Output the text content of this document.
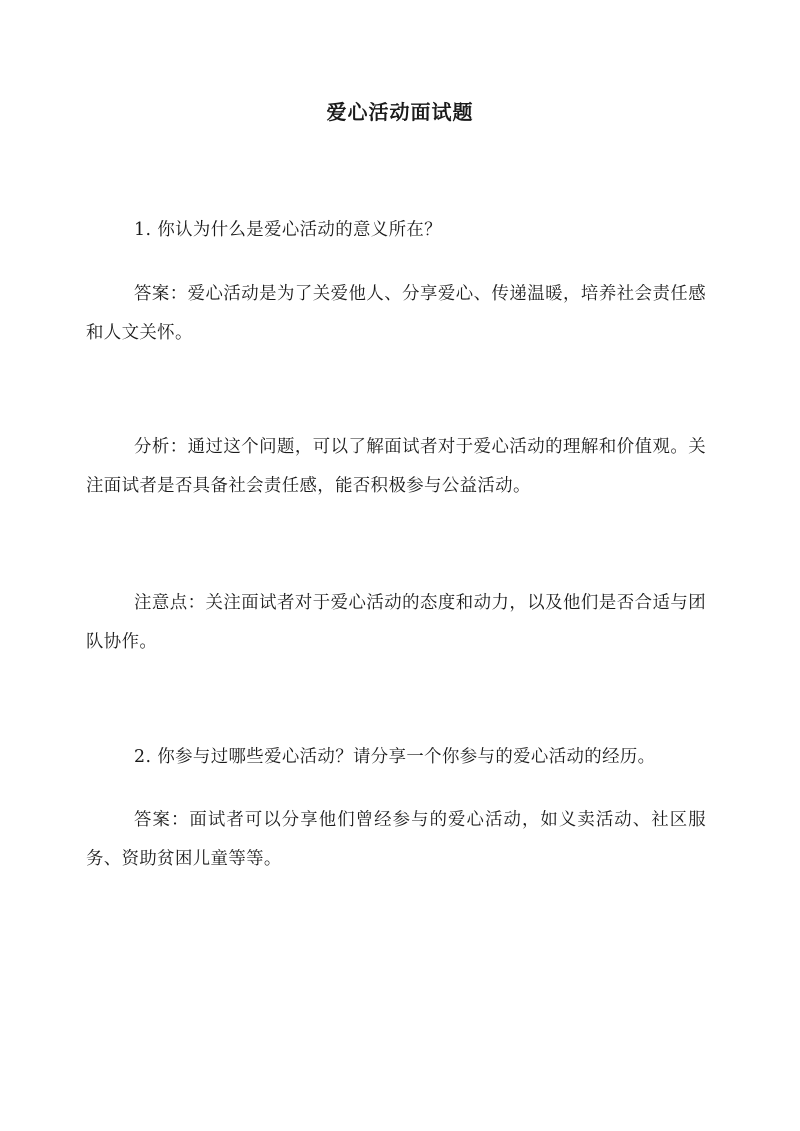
爱心活动面试题
1. 你认为什么是爱心活动的意义所在？
答案：爱心活动是为了关爱他人、分享爱心、传递温暖，培养社会责任感和人文关怀。
分析：通过这个问题，可以了解面试者对于爱心活动的理解和价值观。关注面试者是否具备社会责任感，能否积极参与公益活动。
注意点：关注面试者对于爱心活动的态度和动力，以及他们是否合适与团队协作。
2. 你参与过哪些爱心活动？请分享一个你参与的爱心活动的经历。
答案：面试者可以分享他们曾经参与的爱心活动，如义卖活动、社区服务、资助贫困儿童等等。
